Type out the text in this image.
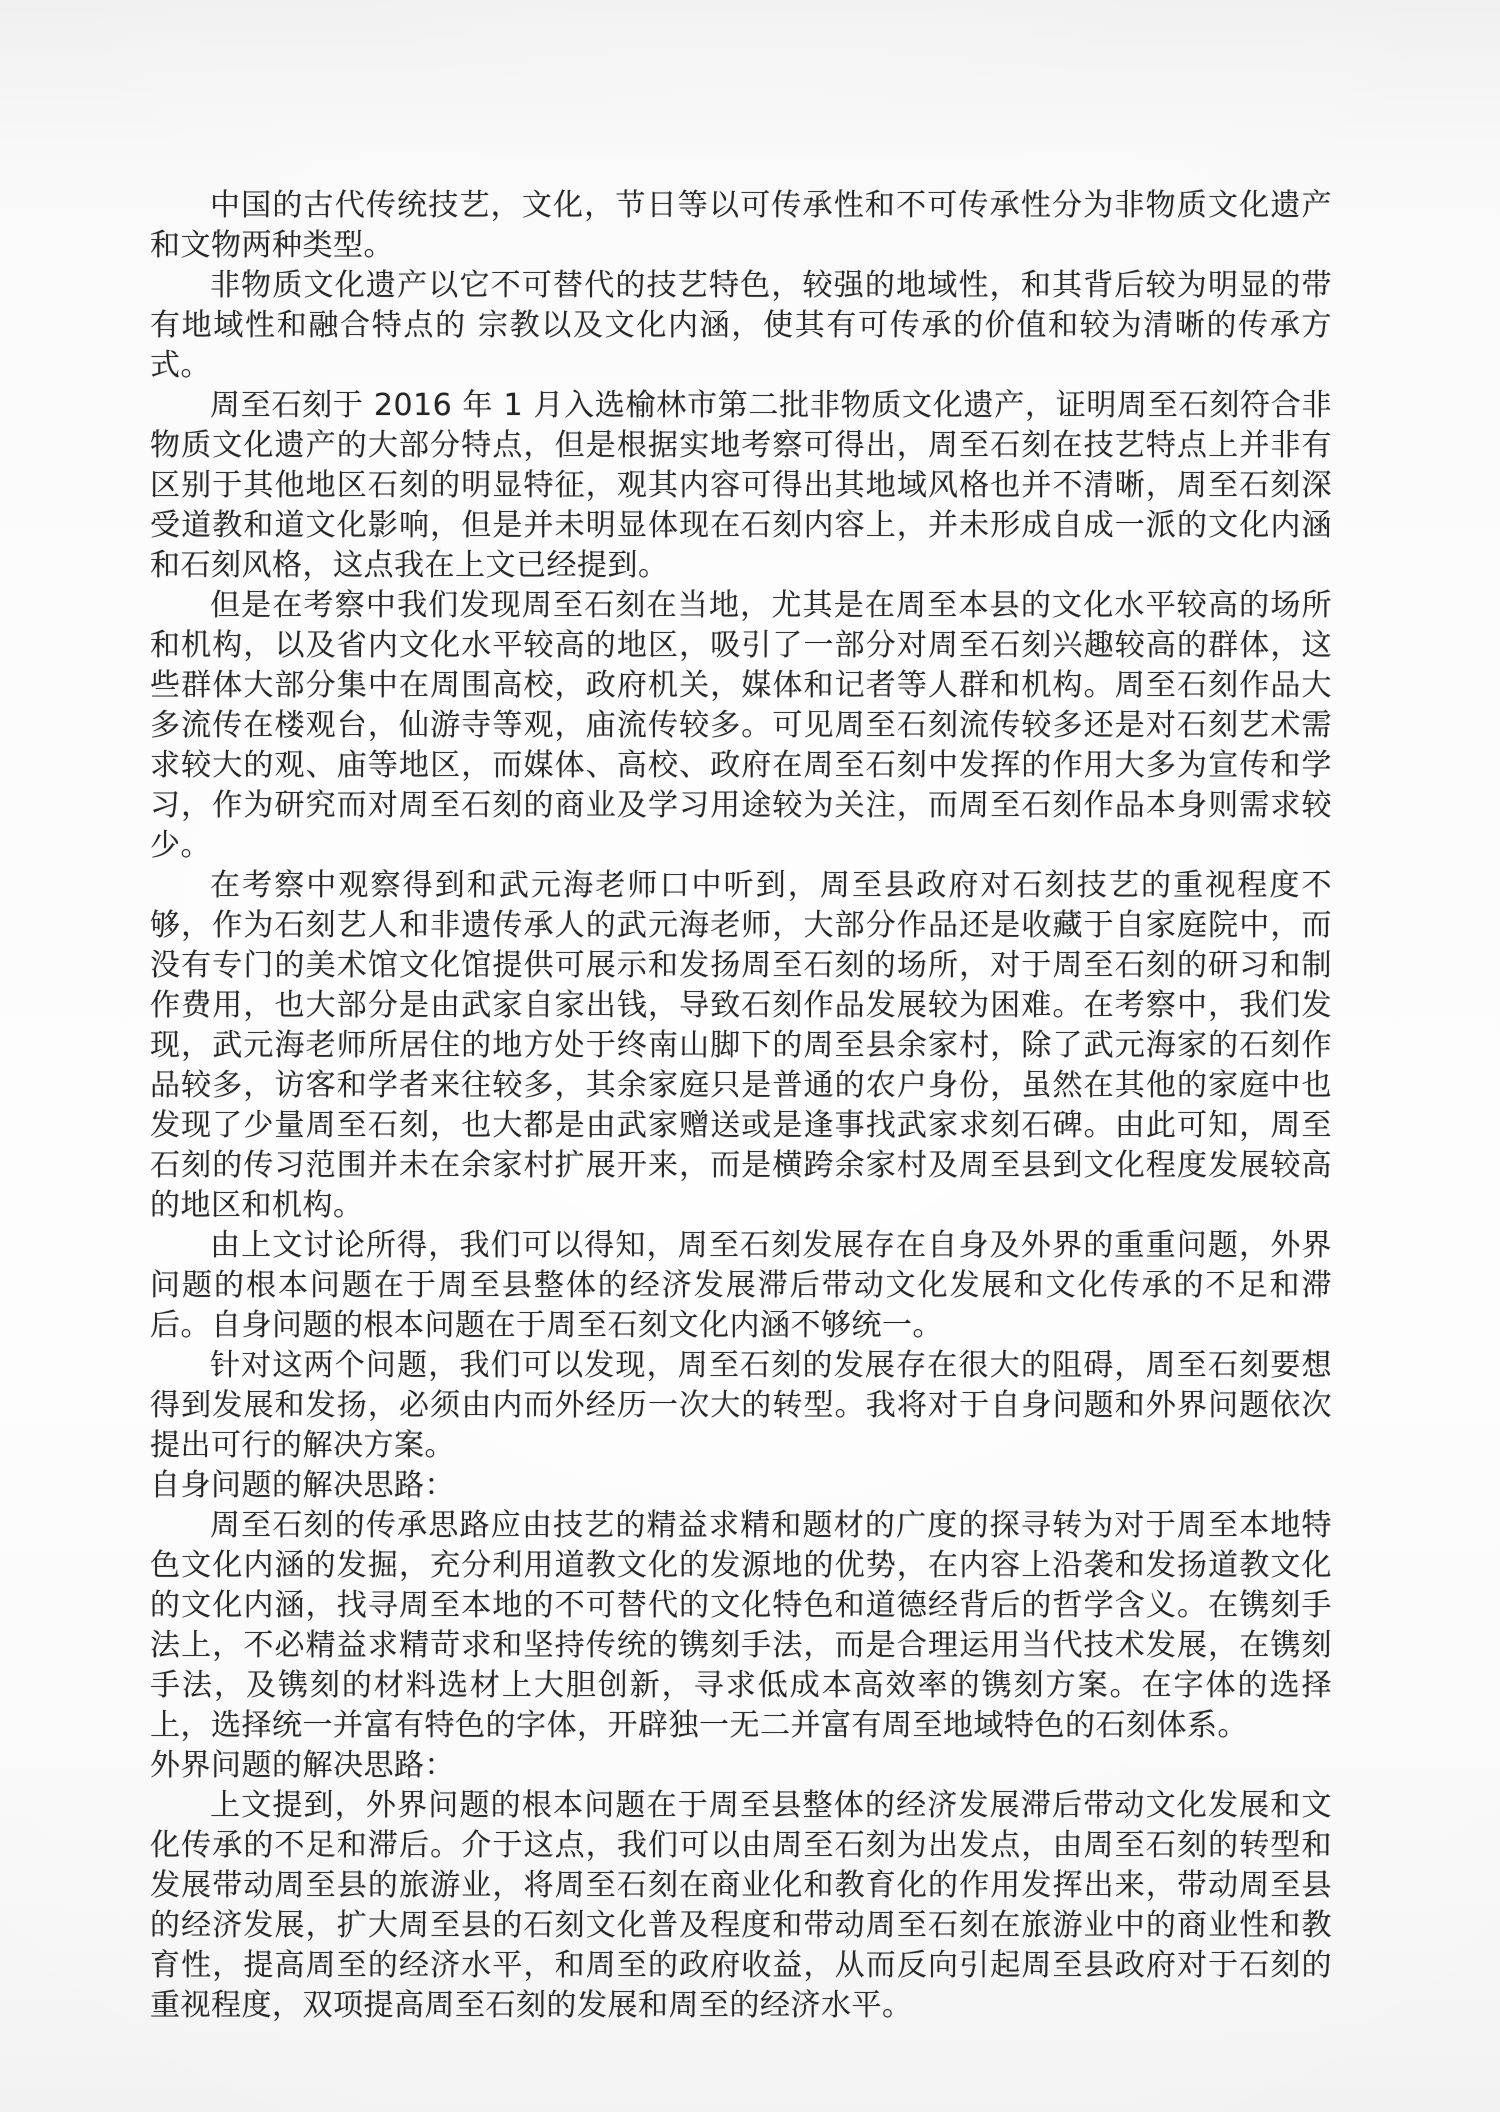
中国的古代传统技艺，文化，节日等以可传承性和不可传承性分为非物质文化遗产和文物两种类型。

非物质文化遗产以它不可替代的技艺特色，较强的地域性，和其背后较为明显的带有地域性和融合特点的 宗教以及文化内涵，使其有可传承的价值和较为清晰的传承方式。

周至石刻于 2016 年 1 月入选榆林市第二批非物质文化遗产，证明周至石刻符合非物质文化遗产的大部分特点，但是根据实地考察可得出，周至石刻在技艺特点上并非有区别于其他地区石刻的明显特征，观其内容可得出其地域风格也并不清晰，周至石刻深受道教和道文化影响，但是并未明显体现在石刻内容上，并未形成自成一派的文化内涵和石刻风格，这点我在上文已经提到。

但是在考察中我们发现周至石刻在当地，尤其是在周至本县的文化水平较高的场所和机构，以及省内文化水平较高的地区，吸引了一部分对周至石刻兴趣较高的群体，这些群体大部分集中在周围高校，政府机关，媒体和记者等人群和机构。周至石刻作品大多流传在楼观台，仙游寺等观，庙流传较多。可见周至石刻流传较多还是对石刻艺术需求较大的观、庙等地区，而媒体、高校、政府在周至石刻中发挥的作用大多为宣传和学习，作为研究而对周至石刻的商业及学习用途较为关注，而周至石刻作品本身则需求较少。

在考察中观察得到和武元海老师口中听到，周至县政府对石刻技艺的重视程度不够，作为石刻艺人和非遗传承人的武元海老师，大部分作品还是收藏于自家庭院中，而没有专门的美术馆文化馆提供可展示和发扬周至石刻的场所，对于周至石刻的研习和制作费用，也大部分是由武家自家出钱，导致石刻作品发展较为困难。在考察中，我们发现，武元海老师所居住的地方处于终南山脚下的周至县余家村，除了武元海家的石刻作品较多，访客和学者来往较多，其余家庭只是普通的农户身份，虽然在其他的家庭中也发现了少量周至石刻，也大都是由武家赠送或是逢事找武家求刻石碑。由此可知，周至石刻的传习范围并未在余家村扩展开来，而是横跨余家村及周至县到文化程度发展较高的地区和机构。

由上文讨论所得，我们可以得知，周至石刻发展存在自身及外界的重重问题，外界问题的根本问题在于周至县整体的经济发展滞后带动文化发展和文化传承的不足和滞后。自身问题的根本问题在于周至石刻文化内涵不够统一。

针对这两个问题，我们可以发现，周至石刻的发展存在很大的阻碍，周至石刻要想得到发展和发扬，必须由内而外经历一次大的转型。我将对于自身问题和外界问题依次提出可行的解决方案。

自身问题的解决思路：

周至石刻的传承思路应由技艺的精益求精和题材的广度的探寻转为对于周至本地特色文化内涵的发掘，充分利用道教文化的发源地的优势，在内容上沿袭和发扬道教文化的文化内涵，找寻周至本地的不可替代的文化特色和道德经背后的哲学含义。在镌刻手法上，不必精益求精苛求和坚持传统的镌刻手法，而是合理运用当代技术发展，在镌刻手法，及镌刻的材料选材上大胆创新，寻求低成本高效率的镌刻方案。在字体的选择上，选择统一并富有特色的字体，开辟独一无二并富有周至地域特色的石刻体系。

外界问题的解决思路：

上文提到，外界问题的根本问题在于周至县整体的经济发展滞后带动文化发展和文化传承的不足和滞后。介于这点，我们可以由周至石刻为出发点，由周至石刻的转型和发展带动周至县的旅游业，将周至石刻在商业化和教育化的作用发挥出来，带动周至县的经济发展，扩大周至县的石刻文化普及程度和带动周至石刻在旅游业中的商业性和教育性，提高周至的经济水平，和周至的政府收益，从而反向引起周至县政府对于石刻的重视程度，双项提高周至石刻的发展和周至的经济水平。
